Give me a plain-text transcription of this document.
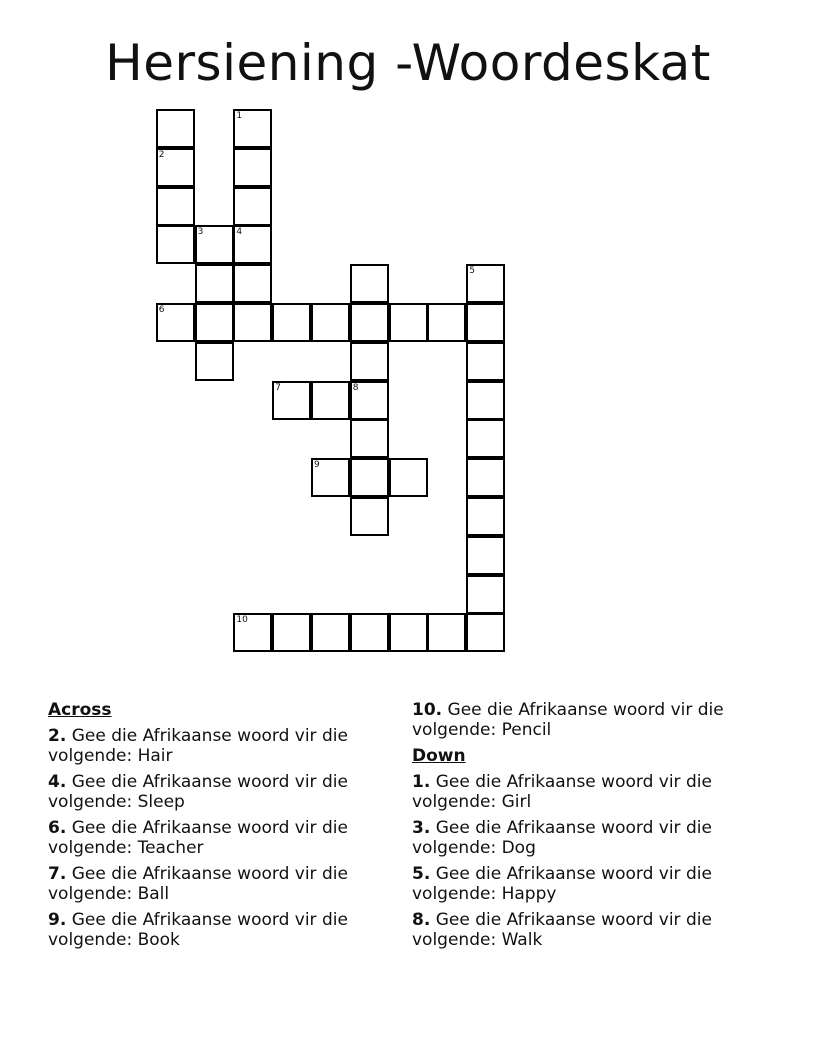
Hersiening -Woordeskat
1
2
4
8
6
3
7
9
10
5
Across
2. Gee die Afrikaanse woord vir die volgende: Hair
4. Gee die Afrikaanse woord vir die volgende: Sleep
6. Gee die Afrikaanse woord vir die volgende: Teacher
7. Gee die Afrikaanse woord vir die volgende: Ball
9. Gee die Afrikaanse woord vir die volgende: Book
10. Gee die Afrikaanse woord vir die volgende: Pencil
Down
1. Gee die Afrikaanse woord vir die volgende: Girl
3. Gee die Afrikaanse woord vir die volgende: Dog
5. Gee die Afrikaanse woord vir die volgende: Happy
8. Gee die Afrikaanse woord vir die volgende: Walk
